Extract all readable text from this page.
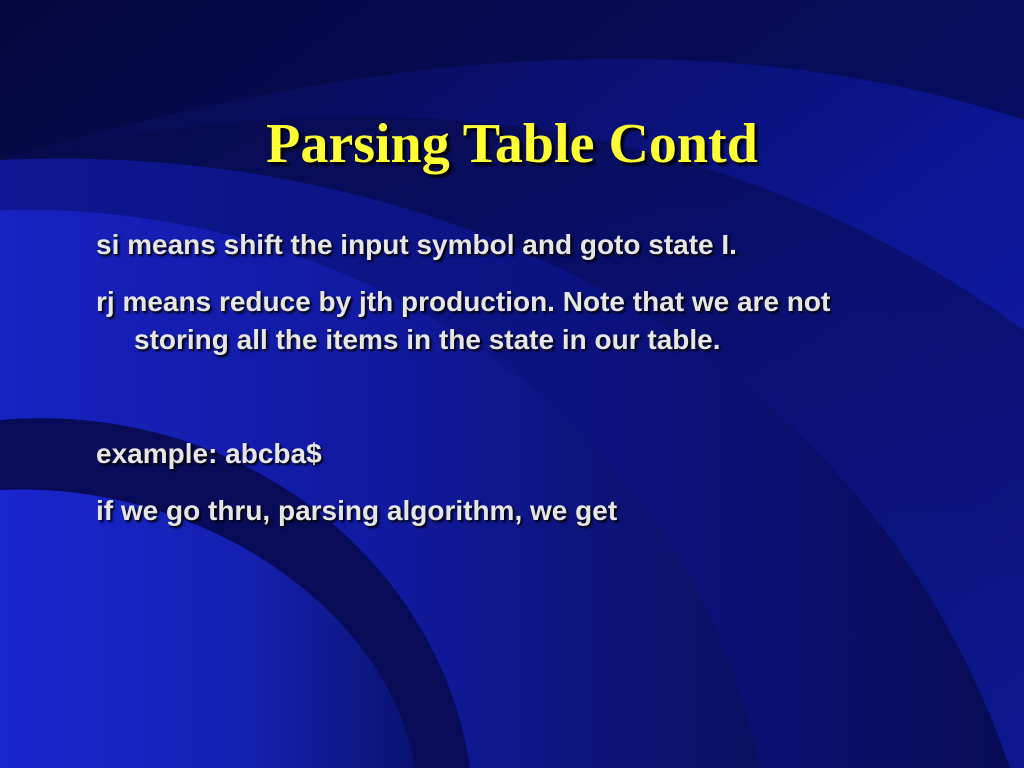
Parsing Table Contd
si means shift the input symbol and goto state I.
rj means reduce by jth production. Note that we are not storing all the items in the state in our table.
example: abcba$
if we go thru, parsing algorithm, we get
